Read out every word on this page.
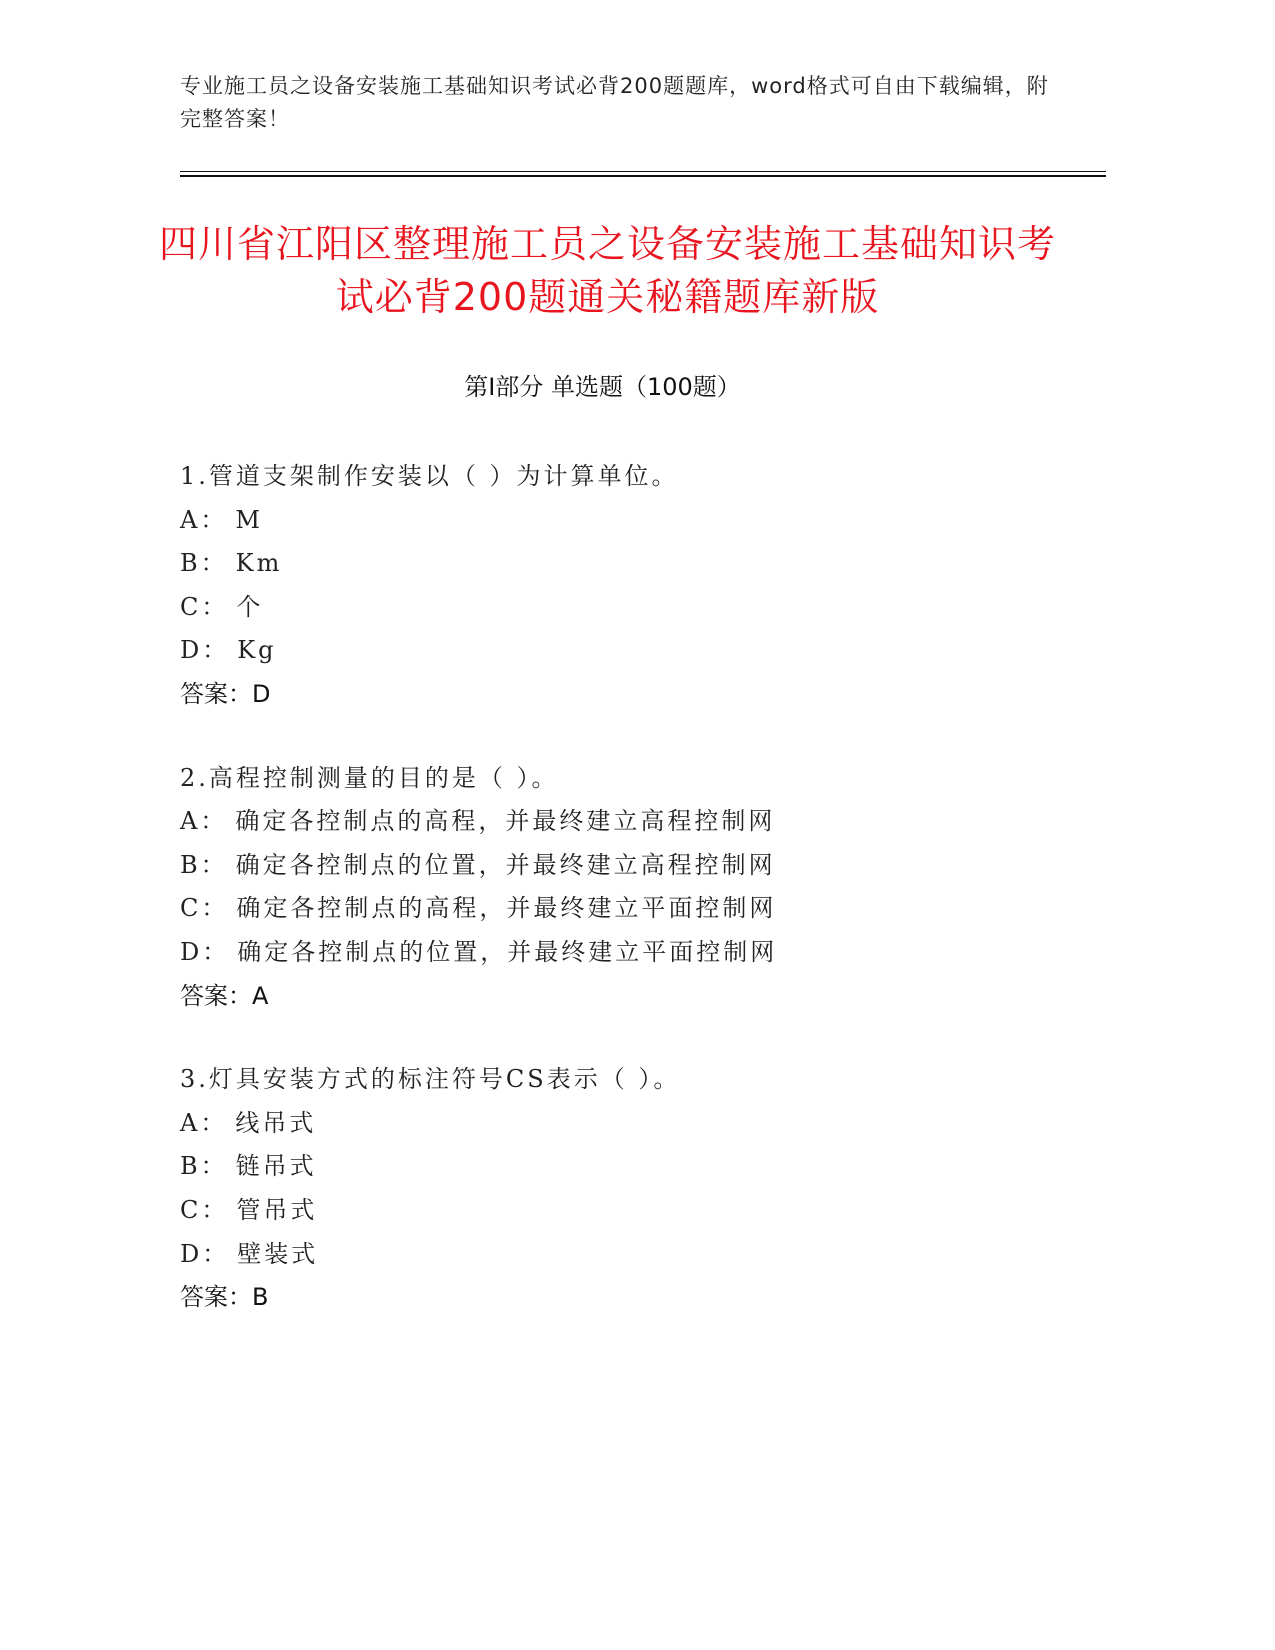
专业施工员之设备安装施工基础知识考试必背200题题库，word格式可自由下载编辑，附完整答案！
四川省江阳区整理施工员之设备安装施工基础知识考试必背200题通关秘籍题库新版
第Ⅰ部分 单选题（100题）
1.管道支架制作安装以（ ）为计算单位。
A： M
B： Km
C： 个
D： Kg
答案：D
2.高程控制测量的目的是（ ）。
A： 确定各控制点的高程，并最终建立高程控制网
B： 确定各控制点的位置，并最终建立高程控制网
C： 确定各控制点的高程，并最终建立平面控制网
D： 确定各控制点的位置，并最终建立平面控制网
答案：A
3.灯具安装方式的标注符号CS表示（ ）。
A： 线吊式
B： 链吊式
C： 管吊式
D： 壁装式
答案：B
